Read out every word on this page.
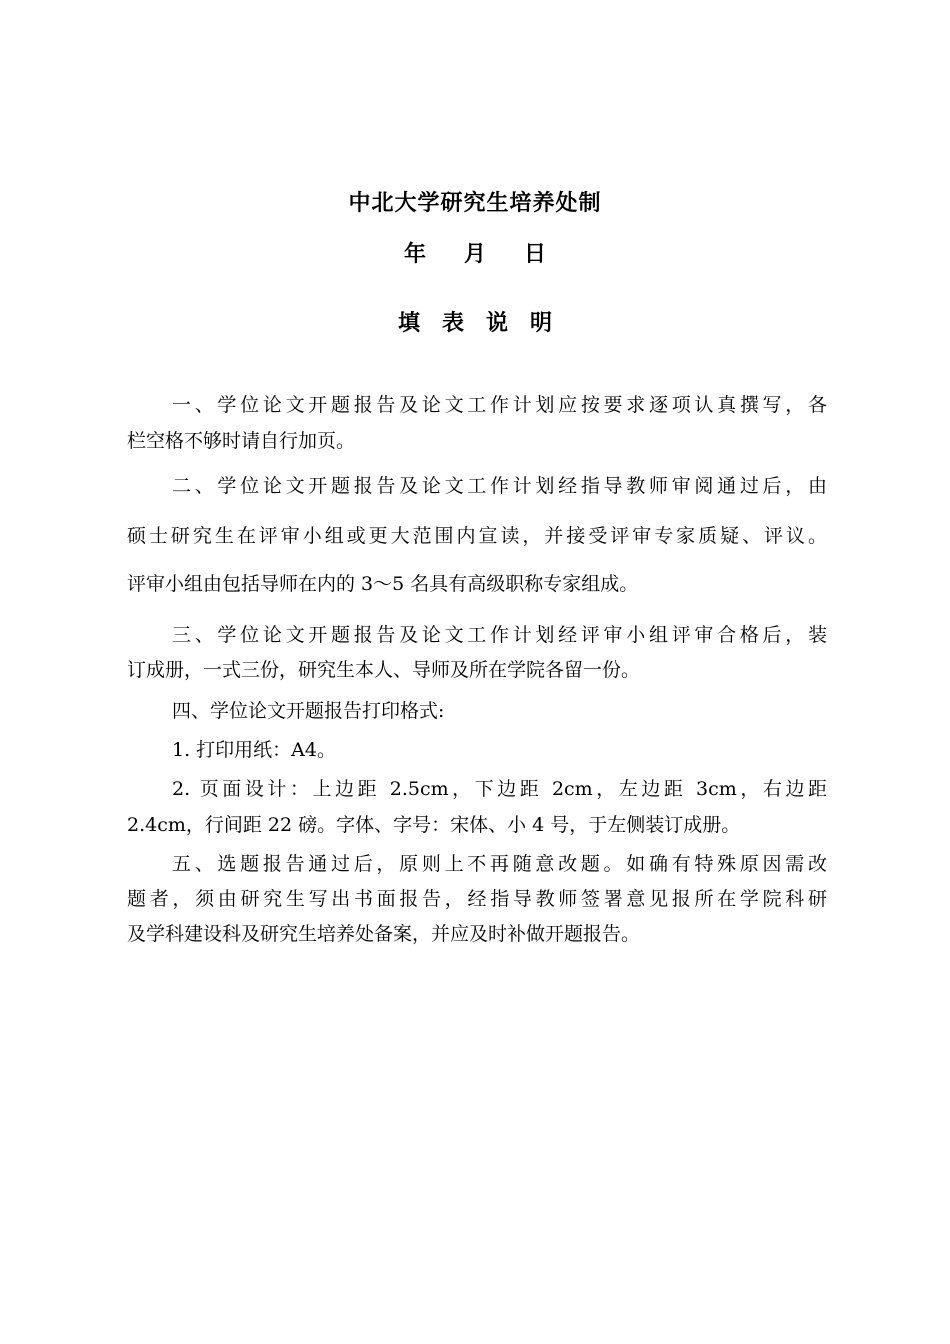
中北大学研究生培养处制
年 月 日
填 表 说 明
一、学位论文开题报告及论文工作计划应按要求逐项认真撰写，各
栏空格不够时请自行加页。
二、学位论文开题报告及论文工作计划经指导教师审阅通过后，由
硕士研究生在评审小组或更大范围内宣读，并接受评审专家质疑、评议。
评审小组由包括导师在内的 3～5 名具有高级职称专家组成。
三、学位论文开题报告及论文工作计划经评审小组评审合格后，装
订成册，一式三份，研究生本人、导师及所在学院各留一份。
四、学位论文开题报告打印格式:
1. 打印用纸：A4。
2. 页面设计：上边距 2.5cm，下边距 2cm，左边距 3cm，右边距
2.4cm，行间距 22 磅。字体、字号：宋体、小 4 号，于左侧装订成册。
五、选题报告通过后，原则上不再随意改题。如确有特殊原因需改
题者，须由研究生写出书面报告，经指导教师签署意见报所在学院科研
及学科建设科及研究生培养处备案，并应及时补做开题报告。
